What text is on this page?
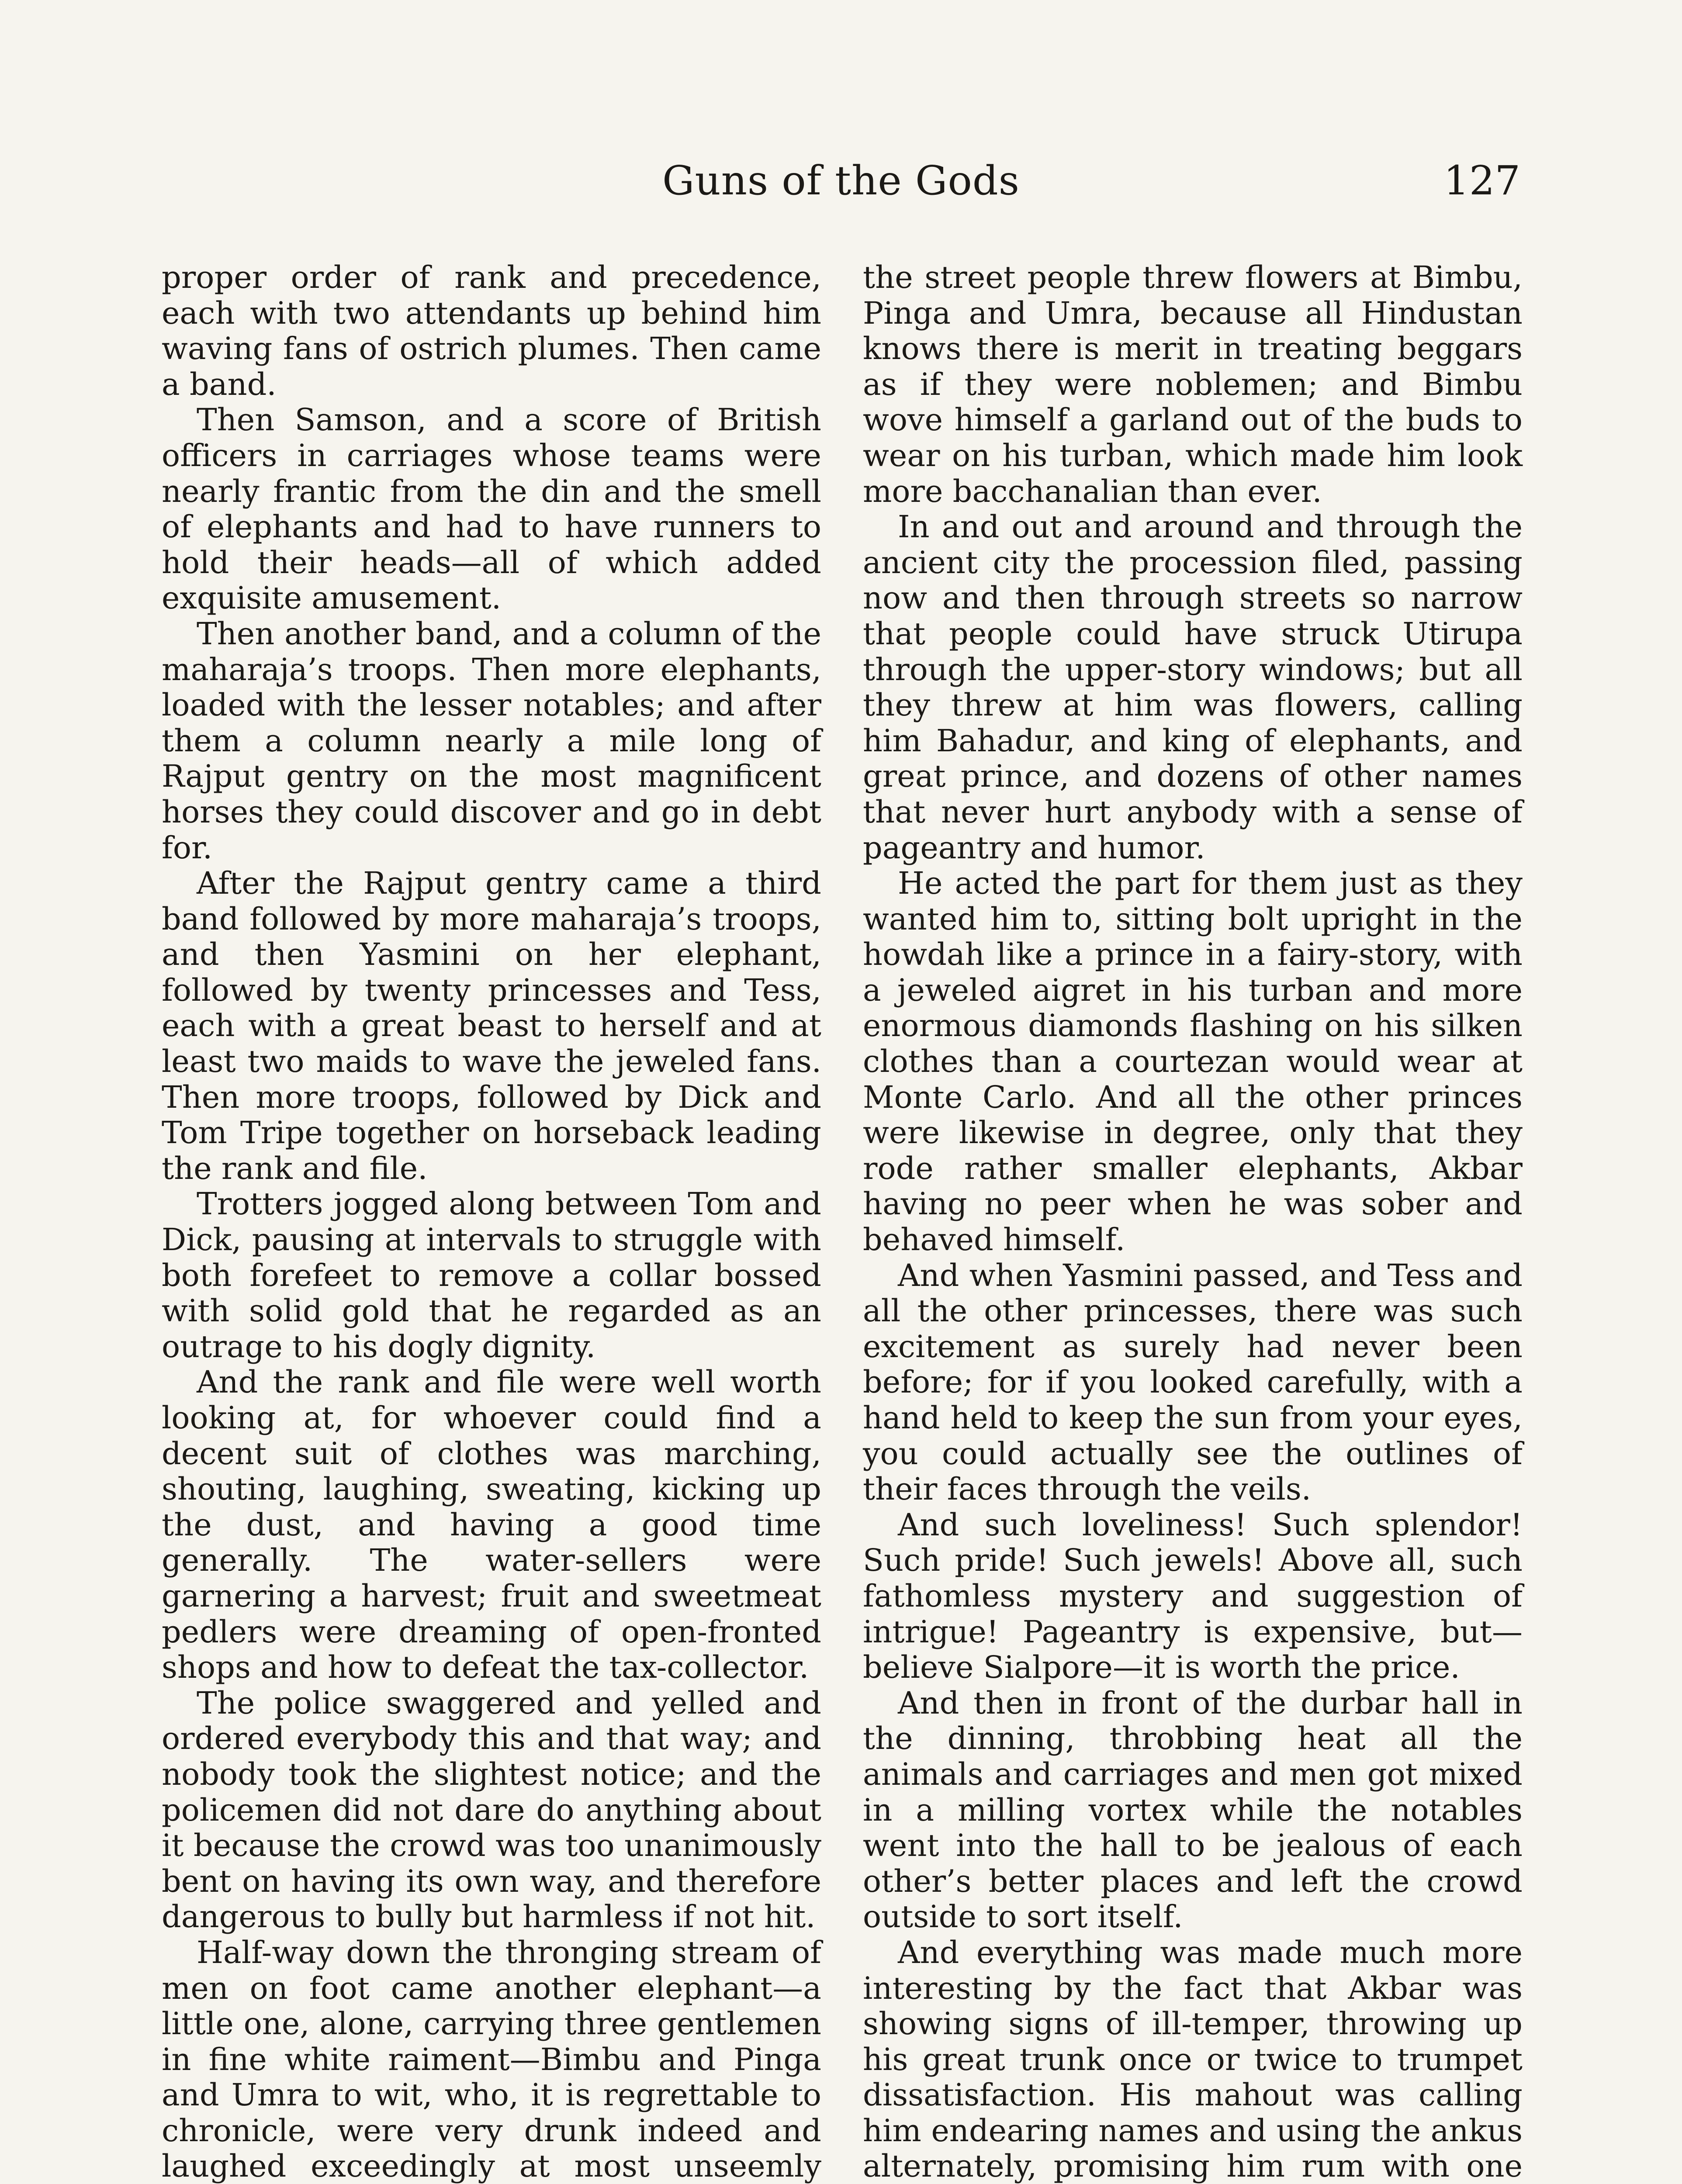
Guns of the Gods	127

proper order of rank and precedence, each with two attendants up behind him waving fans of ostrich plumes. Then came a band.

Then Samson, and a score of British officers in carriages whose teams were nearly frantic from the din and the smell of elephants and had to have runners to hold their heads—all of which added exquisite amusement.

Then another band, and a column of the maharaja’s troops. Then more elephants, loaded with the lesser notables; and after them a column nearly a mile long of Rajput gentry on the most magnificent horses they could discover and go in debt for.

After the Rajput gentry came a third band followed by more maharaja’s troops, and then Yasmini on her elephant, followed by twenty princesses and Tess, each with a great beast to herself and at least two maids to wave the jeweled fans. Then more troops, followed by Dick and Tom Tripe together on horseback leading the rank and file.

Trotters jogged along between Tom and Dick, pausing at intervals to struggle with both forefeet to remove a collar bossed with solid gold that he regarded as an outrage to his dogly dignity.

And the rank and file were well worth looking at, for whoever could find a decent suit of clothes was marching, shouting, laughing, sweating, kicking up the dust, and having a good time generally. The water-sellers were garnering a harvest; fruit and sweetmeat pedlers were dreaming of open-fronted shops and how to defeat the tax-collector.

The police swaggered and yelled and ordered everybody this and that way; and nobody took the slightest notice; and the policemen did not dare do anything about it because the crowd was too unanimously bent on having its own way, and therefore dangerous to bully but harmless if not hit.

Half-way down the thronging stream of men on foot came another elephant—a little one, alone, carrying three gentlemen in fine white raiment—Bimbu and Pinga and Umra to wit, who, it is regrettable to chronicle, were very drunk indeed and laughed exceedingly at most unseemly

the street people threw flowers at Bimbu, Pinga and Umra, because all Hindustan knows there is merit in treating beggars as if they were noblemen; and Bimbu wove himself a garland out of the buds to wear on his turban, which made him look more bacchanalian than ever.

In and out and around and through the ancient city the procession filed, passing now and then through streets so narrow that people could have struck Utirupa through the upper-story windows; but all they threw at him was flowers, calling him Bahadur, and king of elephants, and great prince, and dozens of other names that never hurt anybody with a sense of pageantry and humor.

He acted the part for them just as they wanted him to, sitting bolt upright in the howdah like a prince in a fairy-story, with a jeweled aigret in his turban and more enormous diamonds flashing on his silken clothes than a courtezan would wear at Monte Carlo. And all the other princes were likewise in degree, only that they rode rather smaller elephants, Akbar having no peer when he was sober and behaved himself.

And when Yasmini passed, and Tess and all the other princesses, there was such excitement as surely had never been before; for if you looked carefully, with a hand held to keep the sun from your eyes, you could actually see the outlines of their faces through the veils.

And such loveliness! Such splendor! Such pride! Such jewels! Above all, such fathomless mystery and suggestion of intrigue! Pageantry is expensive, but—believe Sialpore—it is worth the price.

And then in front of the durbar hall in the dinning, throbbing heat all the animals and carriages and men got mixed in a milling vortex while the notables went into the hall to be jealous of each other’s better places and left the crowd outside to sort itself.

And everything was made much more interesting by the fact that Akbar was showing signs of ill-temper, throwing up his great trunk once or twice to trumpet dissatisfaction. His mahout was calling him endearing names and using the ankus alternately, promising him rum with one
